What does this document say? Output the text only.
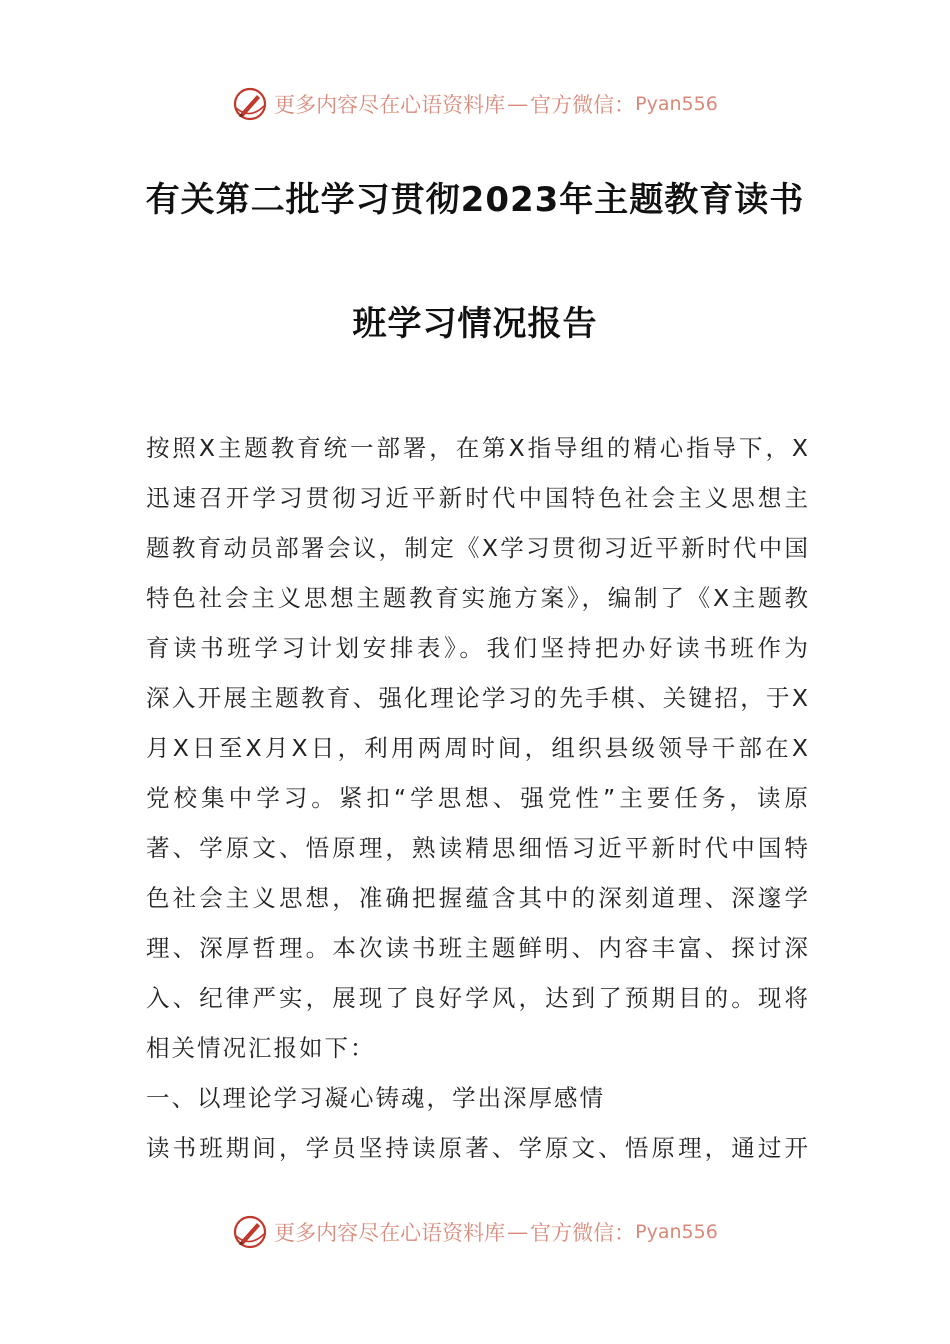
更多内容尽在心语资料库 — 官方微信： Pyan556
有关第二批学习贯彻2023年主题教育读书
班学习情况报告
按照X主题教育统一部署，在第X指导组的精心指导下，X
迅速召开学习贯彻习近平新时代中国特色社会主义思想主
题教育动员部署会议，制定《X学习贯彻习近平新时代中国
特色社会主义思想主题教育实施方案》，编制了《X主题教
育读书班学习计划安排表》。我们坚持把办好读书班作为
深入开展主题教育、强化理论学习的先手棋、关键招，于X
月X日至X月X日，利用两周时间，组织县级领导干部在X
党校集中学习。紧扣“学思想、强党性”主要任务，读原
著、学原文、悟原理，熟读精思细悟习近平新时代中国特
色社会主义思想，准确把握蕴含其中的深刻道理、深邃学
理、深厚哲理。本次读书班主题鲜明、内容丰富、探讨深
入、纪律严实，展现了良好学风，达到了预期目的。现将
相关情况汇报如下：
一、以理论学习凝心铸魂，学出深厚感情
读书班期间，学员坚持读原著、学原文、悟原理，通过开
更多内容尽在心语资料库 — 官方微信： Pyan556
